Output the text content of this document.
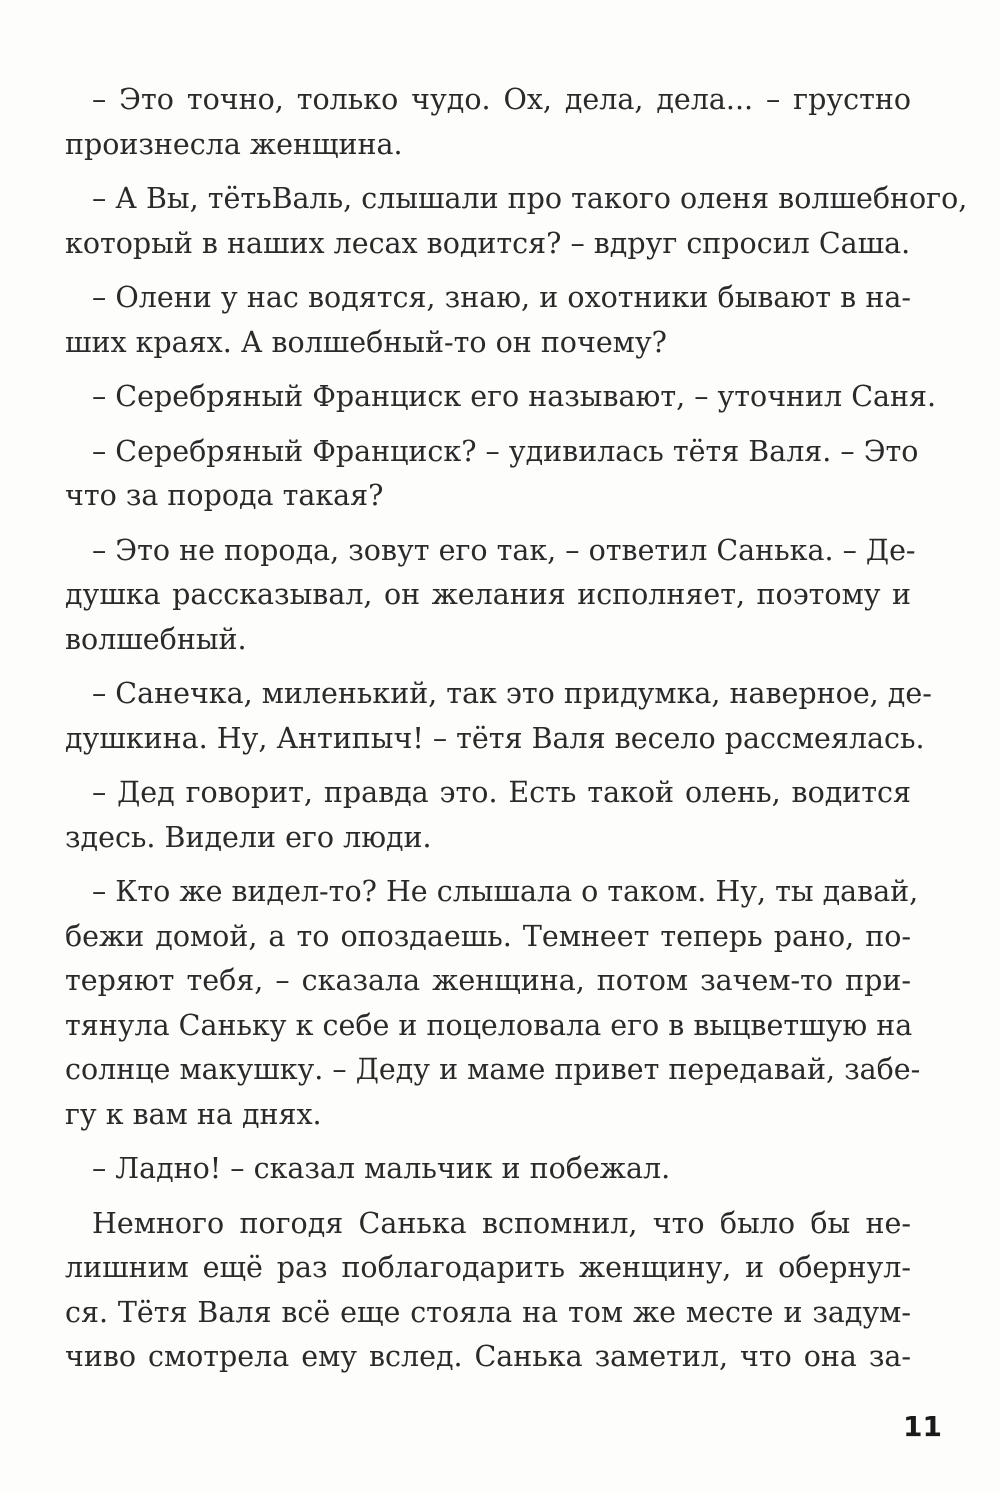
– Это точно, только чудо. Ох, дела, дела... – грустно
произнесла женщина.
– А Вы, тётьВаль, слышали про такого оленя волшебного,
который в наших лесах водится? – вдруг спросил Саша.
– Олени у нас водятся, знаю, и охотники бывают в на-
ших краях. А волшебный-то он почему?
– Серебряный Франциск его называют, – уточнил Саня.
– Серебряный Франциск? – удивилась тётя Валя. – Это
что за порода такая?
– Это не порода, зовут его так, – ответил Санька. – Де-
душка рассказывал, он желания исполняет, поэтому и
волшебный.
– Санечка, миленький, так это придумка, наверное, де-
душкина. Ну, Антипыч! – тётя Валя весело рассмеялась.
– Дед говорит, правда это. Есть такой олень, водится
здесь. Видели его люди.
– Кто же видел-то? Не слышала о таком. Ну, ты давай,
бежи домой, а то опоздаешь. Темнеет теперь рано, по-
теряют тебя, – сказала женщина, потом зачем-то при-
тянула Саньку к себе и поцеловала его в выцветшую на
солнце макушку. – Деду и маме привет передавай, забе-
гу к вам на днях.
– Ладно! – сказал мальчик и побежал.
Немного погодя Санька вспомнил, что было бы не-
лишним ещё раз поблагодарить женщину, и обернул-
ся. Тётя Валя всё еще стояла на том же месте и задум-
чиво смотрела ему вслед. Санька заметил, что она за-
11
